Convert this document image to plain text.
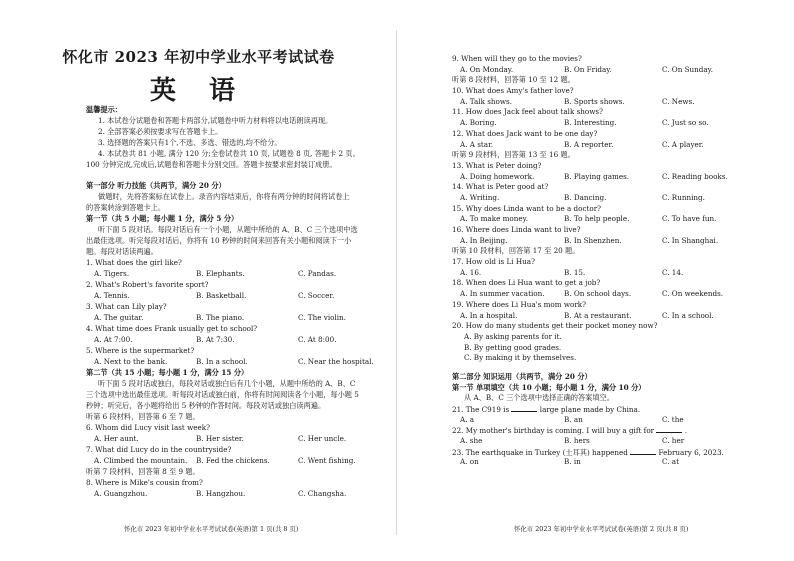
怀化市 2023 年初中学业水平考试试卷
英 语
温馨提示：
1. 本试卷分试题卷和答题卡两部分,试题卷中听力材料将以电话朗读再现。
2. 全部答案必须按要求写在答题卡上。
3. 选择题的答案只有1个,不选、多选、错选的,均不给分。
4. 本试卷共 81 小题, 满分 120 分;全卷试卷共 10 页, 试题卷 8 页, 答题卡 2 页。
100 分钟完成,完成后,试题卷和答题卡分别交回。答题卡按要求密封装订成册。
第一部分 听力技能（共两节，满分 20 分）
做题时，先将答案标在试卷上。录音内容结束后，你将有两分钟的时间将试卷上
的答案转涂到答题卡上。
第一节（共 5 小题；每小题 1 分，满分 5 分）
听下面 5 段对话。每段对话后有一个小题，从题中所给的 A、B、C 三个选项中选
出最佳选项。听完每段对话后，你将有 10 秒钟的时间来回答有关小题和阅读下一小
题。每段对话读两遍。
1. What does the girl like?
A. Tigers.	B. Elephants.	C. Pandas.
2. What's Robert's favorite sport?
A. Tennis.	B. Basketball.	C. Soccer.
3. What can Lily play?
A. The guitar.	B. The piano.	C. The violin.
4. What time does Frank usually get to school?
A. At 7:00.	B. At 7:30.	C. At 8:00.
5. Where is the supermarket?
A. Next to the bank.	B. In a school.	C. Near the hospital.
第二节（共 15 小题；每小题 1 分，满分 15 分）
听下面 5 段对话或独白，每段对话或独白后有几个小题，从题中所给的 A、B、C
三个选项中选出最佳选项。听每段对话或独白前，你将有时间阅读各个小题，每小题 5
秒钟；听完后，各小题将给出 5 秒钟的作答时间。每段对话或独白读两遍。
听第 6 段材料，回答第 6 至 7 题。
6. Whom did Lucy visit last week?
A. Her aunt.	B. Her sister.	C. Her uncle.
7. What did Lucy do in the countryside?
A. Climbed the mountain. B. Fed the chickens.	C. Went fishing.
听第 7 段材料，回答第 8 至 9 题。
8. Where is Mike's cousin from?
A. Guangzhou.	B. Hangzhou.	C. Changsha.
怀化市 2023 年初中学业水平考试试卷(英语)第 1 页(共 8 页)
9. When will they go to the movies?
A. On Monday.	B. On Friday.	C. On Sunday.
听第 8 段材料，回答第 10 至 12 题。
10. What does Amy's father love?
A. Talk shows.	B. Sports shows.	C. News.
11. How does Jack feel about talk shows?
A. Boring.	B. Interesting.	C. Just so so.
12. What does Jack want to be one day?
A. A star.	B. A reporter.	C. A player.
听第 9 段材料，回答第 13 至 16 题。
13. What is Peter doing?
A. Doing homework.	B. Playing games.	C. Reading books.
14. What is Peter good at?
A. Writing.	B. Dancing.	C. Running.
15. Why does Linda want to be a doctor?
A. To make money.	B. To help people.	C. To have fun.
16. Where does Linda want to live?
A. In Beijing.	B. In Shenzhen.	C. In Shanghai.
听第 10 段材料，回答第 17 至 20 题。
17. How old is Li Hua?
A. 16.	B. 15.	C. 14.
18. When does Li Hua want to get a job?
A. In summer vacation.	B. On school days.	C. On weekends.
19. Where does Li Hua's mom work?
A. In a hospital.	B. At a restaurant.	C. In a school.
20. How do many students get their pocket money now?
A. By asking parents for it.
B. By getting good grades.
C. By making it by themselves.
第二部分 知识运用（共两节，满分 20 分）
第一节 单项填空（共 10 小题；每小题 1 分，满分 10 分）
从 A、B、C 三个选项中选择正确的答案填空。
21. The C919 is	large plane made by China.
A. a	B. an	C. the
22. My mother's birthday is coming. I will buy a gift for	.
A. she	B. hers	C. her
23. The earthquake in Turkey (土耳其) happened	February 6, 2023.
A. on	B. in	C. at
怀化市 2023 年初中学业水平考试试卷(英语)第 2 页(共 8 页)
